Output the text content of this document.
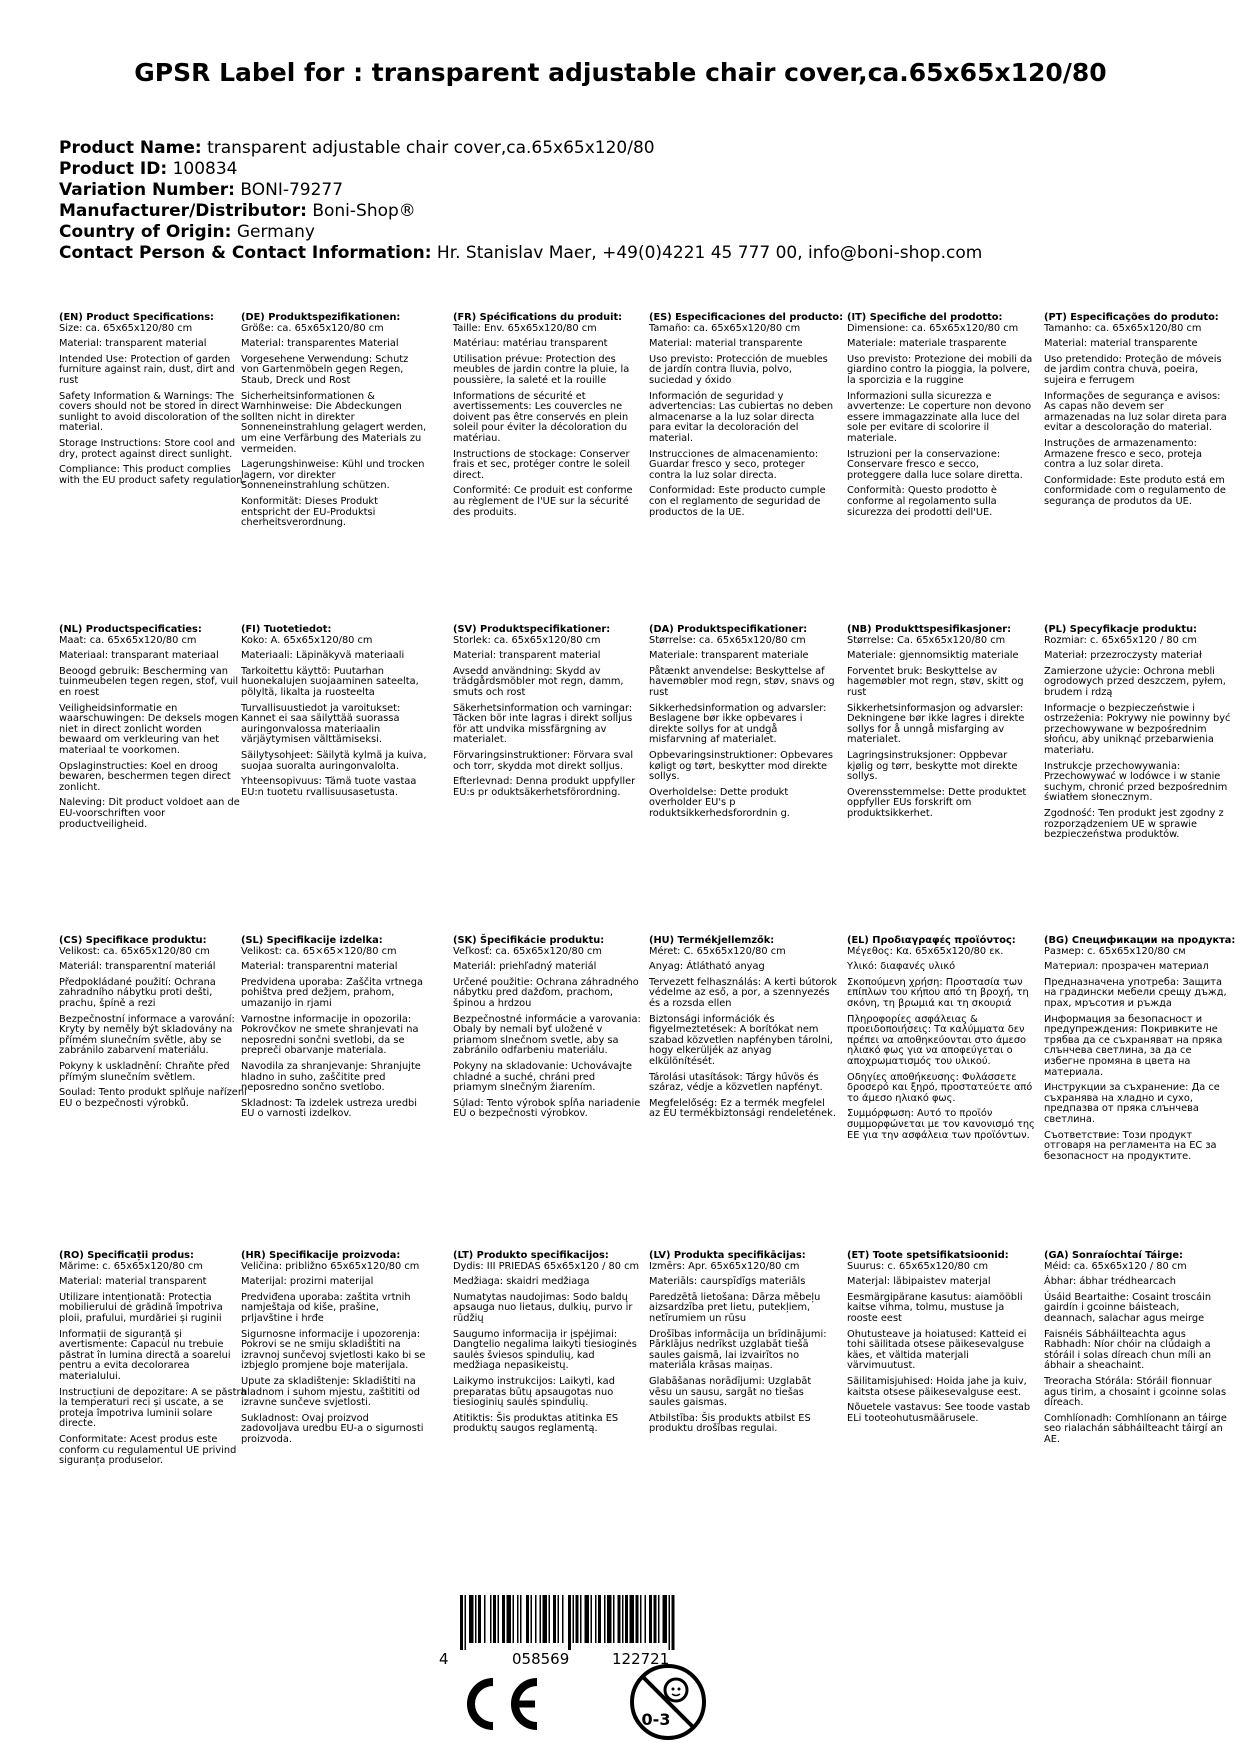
GPSR Label for : transparent adjustable chair cover,ca.65x65x120/80
Product Name: transparent adjustable chair cover,ca.65x65x120/80
Product ID: 100834
Variation Number: BONI-79277
Manufacturer/Distributor: Boni-Shop®
Country of Origin: Germany
Contact Person & Contact Information: Hr. Stanislav Maer, +49(0)4221 45 777 00, info@boni-shop.com
(EN) Product Specifications:

Size: ca. 65x65x120/80 cm

Material: transparent material

Intended Use: Protection of garden furniture against rain, dust, dirt and rust

Safety Information & Warnings: The covers should not be stored in direct sunlight to avoid discoloration of the material.

Storage Instructions: Store cool and dry, protect against direct sunlight.

Compliance: This product complies with the EU product safety regulation.

(DE) Produktspezifikationen:

Größe: ca. 65x65x120/80 cm

Material: transparentes Material

Vorgesehene Verwendung: Schutz von Gartenmöbeln gegen Regen, Staub, Dreck und Rost

Sicherheitsinformationen & Warnhinweise: Die Abdeckungen sollten nicht in direkter Sonneneinstrahlung gelagert werden, um eine Verfärbung des Materials zu vermeiden.

Lagerungshinweise: Kühl und trocken lagern, vor direkter Sonneneinstrahlung schützen.

Konformität: Dieses Produkt entspricht der EU-Produktsi cherheitsverordnung.

(FR) Spécifications du produit:

Taille: Env. 65x65x120/80 cm

Matériau: matériau transparent

Utilisation prévue: Protection des meubles de jardin contre la pluie, la poussière, la saleté et la rouille

Informations de sécurité et avertissements: Les couvercles ne doivent pas être conservés en plein soleil pour éviter la décoloration du matériau.

Instructions de stockage: Conserver frais et sec, protéger contre le soleil direct.

Conformité: Ce produit est conforme au règlement de l'UE sur la sécurité des produits.

(ES) Especificaciones del producto:

Tamaño: ca. 65x65x120/80 cm

Material: material transparente

Uso previsto: Protección de muebles de jardín contra lluvia, polvo, suciedad y óxido

Información de seguridad y advertencias: Las cubiertas no deben almacenarse a la luz solar directa para evitar la decoloración del material.

Instrucciones de almacenamiento: Guardar fresco y seco, proteger contra la luz solar directa.

Conformidad: Este producto cumple con el reglamento de seguridad de productos de la UE.

(IT) Specifiche del prodotto:

Dimensione: ca. 65x65x120/80 cm

Materiale: materiale trasparente

Uso previsto: Protezione dei mobili da giardino contro la pioggia, la polvere, la sporcizia e la ruggine

Informazioni sulla sicurezza e avvertenze: Le coperture non devono essere immagazzinate alla luce del sole per evitare di scolorire il materiale.

Istruzioni per la conservazione: Conservare fresco e secco, proteggere dalla luce solare diretta.

Conformità: Questo prodotto è conforme al regolamento sulla sicurezza dei prodotti dell'UE.

(PT) Especificações do produto:

Tamanho: ca. 65x65x120/80 cm

Material: material transparente

Uso pretendido: Proteção de móveis de jardim contra chuva, poeira, sujeira e ferrugem

Informações de segurança e avisos: As capas não devem ser armazenadas na luz solar direta para evitar a descoloração do material.

Instruções de armazenamento: Armazene fresco e seco, proteja contra a luz solar direta.

Conformidade: Este produto está em conformidade com o regulamento de segurança de produtos da UE.

(NL) Productspecificaties:

Maat: ca. 65x65x120/80 cm

Materiaal: transparant materiaal

Beoogd gebruik: Bescherming van tuinmeubelen tegen regen, stof, vuil en roest

Veiligheidsinformatie en waarschuwingen: De deksels mogen niet in direct zonlicht worden bewaard om verkleuring van het materiaal te voorkomen.

Opslaginstructies: Koel en droog bewaren, beschermen tegen direct zonlicht.

Naleving: Dit product voldoet aan de EU-voorschriften voor productveiligheid.

(FI) Tuotetiedot:

Koko: A. 65x65x120/80 cm

Materiaali: Läpinäkyvä materiaali

Tarkoitettu käyttö: Puutarhan huonekalujen suojaaminen sateelta, pölyltä, likalta ja ruosteelta

Turvallisuustiedot ja varoitukset: Kannet ei saa säilyttää suorassa auringonvalossa materiaalin värjäytymisen välttämiseksi.

Säilytysohjeet: Säilytä kylmä ja kuiva, suojaa suoralta auringonvalolta.

Yhteensopivuus: Tämä tuote vastaa EU:n tuotetu rvallisuusasetusta.

(SV) Produktspecifikationer:

Storlek: ca. 65x65x120/80 cm

Material: transparent material

Avsedd användning: Skydd av trädgårdsmöbler mot regn, damm, smuts och rost

Säkerhetsinformation och varningar: Täcken bör inte lagras i direkt solljus för att undvika missfärgning av materialet.

Förvaringsinstruktioner: Förvara sval och torr, skydda mot direkt solljus.

Efterlevnad: Denna produkt uppfyller EU:s pr oduktsäkerhetsförordning.

(DA) Produktspecifikationer:

Størrelse: ca. 65x65x120/80 cm

Materiale: transparent materiale

Påtænkt anvendelse: Beskyttelse af havemøbler mod regn, støv, snavs og rust

Sikkerhedsinformation og advarsler: Beslagene bør ikke opbevares i direkte sollys for at undgå misfarvning af materialet.

Opbevaringsinstruktioner: Opbevares køligt og tørt, beskytter mod direkte sollys.

Overholdelse: Dette produkt overholder EU's p roduktsikkerhedsforordnin g.

(NB) Produkttspesifikasjoner:

Størrelse: Ca. 65x65x120/80 cm

Materiale: gjennomsiktig materiale

Forventet bruk: Beskyttelse av hagemøbler mot regn, støv, skitt og rust

Sikkerhetsinformasjon og advarsler: Dekningene bør ikke lagres i direkte sollys for å unngå misfarging av materialet.

Lagringsinstruksjoner: Oppbevar kjølig og tørr, beskytte mot direkte sollys.

Overensstemmelse: Dette produktet oppfyller EUs forskrift om produktsikkerhet.

(PL) Specyfikacje produktu:

Rozmiar: c. 65x65x120 / 80 cm

Materiał: przezroczysty materiał

Zamierzone użycie: Ochrona mebli ogrodowych przed deszczem, pyłem, brudem i rdzą

Informacje o bezpieczeństwie i ostrzeżenia: Pokrywy nie powinny być przechowywane w bezpośrednim słońcu, aby uniknąć przebarwienia materiału.

Instrukcje przechowywania: Przechowywać w lodówce i w stanie suchym, chronić przed bezpośrednim światłem słonecznym.

Zgodność: Ten produkt jest zgodny z rozporządzeniem UE w sprawie bezpieczeństwa produktów.

(CS) Specifikace produktu:

Velikost: ca. 65x65x120/80 cm

Materiál: transparentní materiál

Předpokládané použití: Ochrana zahradního nábytku proti dešti, prachu, špíně a rezi

Bezpečnostní informace a varování: Kryty by neměly být skladovány na přímém slunečním světle, aby se zabránilo zabarvení materiálu.

Pokyny k uskladnění: Chraňte před přímým slunečním světlem.

Soulad: Tento produkt splňuje nařízení EU o bezpečnosti výrobků.

(SL) Specifikacije izdelka:

Velikost: ca. 65×65×120/80 cm

Material: transparentni material

Predvidena uporaba: Zaščita vrtnega pohištva pred dežjem, prahom, umazanijo in rjami

Varnostne informacije in opozorila: Pokrovčkov ne smete shranjevati na neposredni sončni svetlobi, da se prepreči obarvanje materiala.

Navodila za shranjevanje: Shranjujte hladno in suho, zaščitite pred neposredno sončno svetlobo.

Skladnost: Ta izdelek ustreza uredbi EU o varnosti izdelkov.

(SK) Špecifikácie produktu:

Veľkosť: ca. 65x65x120/80 cm

Materiál: priehľadný materiál

Určené použitie: Ochrana záhradného nábytku pred dažďom, prachom, špinou a hrdzou

Bezpečnostné informácie a varovania: Obaly by nemali byť uložené v priamom slnečnom svetle, aby sa zabránilo odfarbeniu materiálu.

Pokyny na skladovanie: Uchovávajte chladné a suché, chráni pred priamym slnečným žiarením.

Súlad: Tento výrobok spĺňa nariadenie EÚ o bezpečnosti výrobkov.

(HU) Termékjellemzők:

Méret: C. 65x65x120/80 cm

Anyag: Átlátható anyag

Tervezett felhasználás: A kerti bútorok védelme az eső, a por, a szennyezés és a rozsda ellen

Biztonsági információk és figyelmeztetések: A borítókat nem szabad közvetlen napfényben tárolni, hogy elkerüljék az anyag elkülönítését.

Tárolási utasítások: Tárgy hűvös és száraz, védje a közvetlen napfényt.

Megfelelőség: Ez a termék megfelel az EU termékbiztonsági rendeletének.

(EL) Προδιαγραφές προϊόντος:

Μέγεθος: Κα. 65x65x120/80 εκ.

Υλικό: διαφανές υλικό

Σκοπούμενη χρήση: Προστασία των επίπλων του κήπου από τη βροχή, τη σκόνη, τη βρωμιά και τη σκουριά

Πληροφορίες ασφάλειας & προειδοποιήσεις: Τα καλύμματα δεν πρέπει να αποθηκεύονται στο άμεσο ηλιακό φως για να αποφεύγεται ο αποχρωματισμός του υλικού.

Οδηγίες αποθήκευσης: Φυλάσσετε δροσερό και ξηρό, προστατεύετε από το άμεσο ηλιακό φως.

Συμμόρφωση: Αυτό το προϊόν συμμορφώνεται με τον κανονισμό της ΕΕ για την ασφάλεια των προϊόντων.

(BG) Спецификации на продукта:

Размер: с. 65x65x120/80 см

Материал: прозрачен материал

Предназначена употреба: Защита на градински мебели срещу дъжд, прах, мръсотия и ръжда

Информация за безопасност и предупреждения: Покривките не трябва да се съхраняват на пряка слънчева светлина, за да се избегне промяна в цвета на материала.

Инструкции за съхранение: Да се съхранява на хладно и сухо, предпазва от пряка слънчева светлина.

Съответствие: Този продукт отговаря на регламента на ЕС за безопасност на продуктите.

(RO) Specificații produs:

Mărime: c. 65x65x120/80 cm

Material: material transparent

Utilizare intenționată: Protecția mobilierului de grădină împotriva ploii, prafului, murdăriei și ruginii

Informații de siguranță și avertismente: Capacul nu trebuie păstrat în lumina directă a soarelui pentru a evita decolorarea materialului.

Instrucțiuni de depozitare: A se păstra la temperaturi reci și uscate, a se proteja împotriva luminii solare directe.

Conformitate: Acest produs este conform cu regulamentul UE privind siguranța produselor.

(HR) Specifikacije proizvoda:

Veličina: približno 65x65x120/80 cm

Materijal: prozirni materijal

Predviđena uporaba: zaštita vrtnih namještaja od kiše, prašine, prljavštine i hrđe

Sigurnosne informacije i upozorenja: Pokrovi se ne smiju skladištiti na izravnoj sunčevoj svjetlosti kako bi se izbjeglo promjene boje materijala.

Upute za skladištenje: Skladištiti na hladnom i suhom mjestu, zaštititi od izravne sunčeve svjetlosti.

Sukladnost: Ovaj proizvod zadovoljava uredbu EU-a o sigurnosti proizvoda.

(LT) Produkto specifikacijos:

Dydis: III PRIEDAS 65x65x120 / 80 cm

Medžiaga: skaidri medžiaga

Numatytas naudojimas: Sodo baldų apsauga nuo lietaus, dulkių, purvo ir rūdžių

Saugumo informacija ir įspėjimai: Dangtelio negalima laikyti tiesioginės saulės šviesos spindulių, kad medžiaga nepasikeistų.

Laikymo instrukcijos: Laikyti, kad preparatas būtų apsaugotas nuo tiesioginių saulės spindulių.

Atitiktis: Šis produktas atitinka ES produktų saugos reglamentą.

(LV) Produkta specifikācijas:

Izmērs: Apr. 65x65x120/80 cm

Materiāls: caurspīdīgs materiāls

Paredzētā lietošana: Dārza mēbeļu aizsardzība pret lietu, putekļiem, netīrumiem un rūsu

Drošības informācija un brīdinājumi: Pārklājus nedrīkst uzglabāt tiešā saules gaismā, lai izvairītos no materiāla krāsas maiņas.

Glabāšanas norādījumi: Uzglabāt vēsu un sausu, sargāt no tiešas saules gaismas.

Atbilstība: Šis produkts atbilst ES produktu drošības regulai.

(ET) Toote spetsifikatsioonid:

Suurus: c. 65x65x120/80 cm

Materjal: läbipaistev materjal

Eesmärgipärane kasutus: aiamööbli kaitse vihma, tolmu, mustuse ja rooste eest

Ohutusteave ja hoiatused: Katteid ei tohi säilitada otsese päikesevalguse käes, et vältida materjali värvimuutust.

Säilitamisjuhised: Hoida jahe ja kuiv, kaitsta otsese päikesevalguse eest.

Nõuetele vastavus: See toode vastab ELi tooteohutusmäärusele.

(GA) Sonraíochtaí Táirge:

Méid: ca. 65x65x120 / 80 cm

Ábhar: ábhar trédhearcach

Úsáid Beartaithe: Cosaint troscáin gairdín i gcoinne báisteach, deannach, salachar agus meirge

Faisnéis Sábháilteachta agus Rabhadh: Níor chóir na clúdaigh a stóráil i solas díreach chun míli an ábhair a sheachaint.

Treoracha Stórála: Stóráil fionnuar agus tirim, a chosaint i gcoinne solas díreach.

Comhlíonadh: Comhlíonann an táirge seo rialachán sábháilteacht táirgí an AE.

4	058569	122721
0-3
